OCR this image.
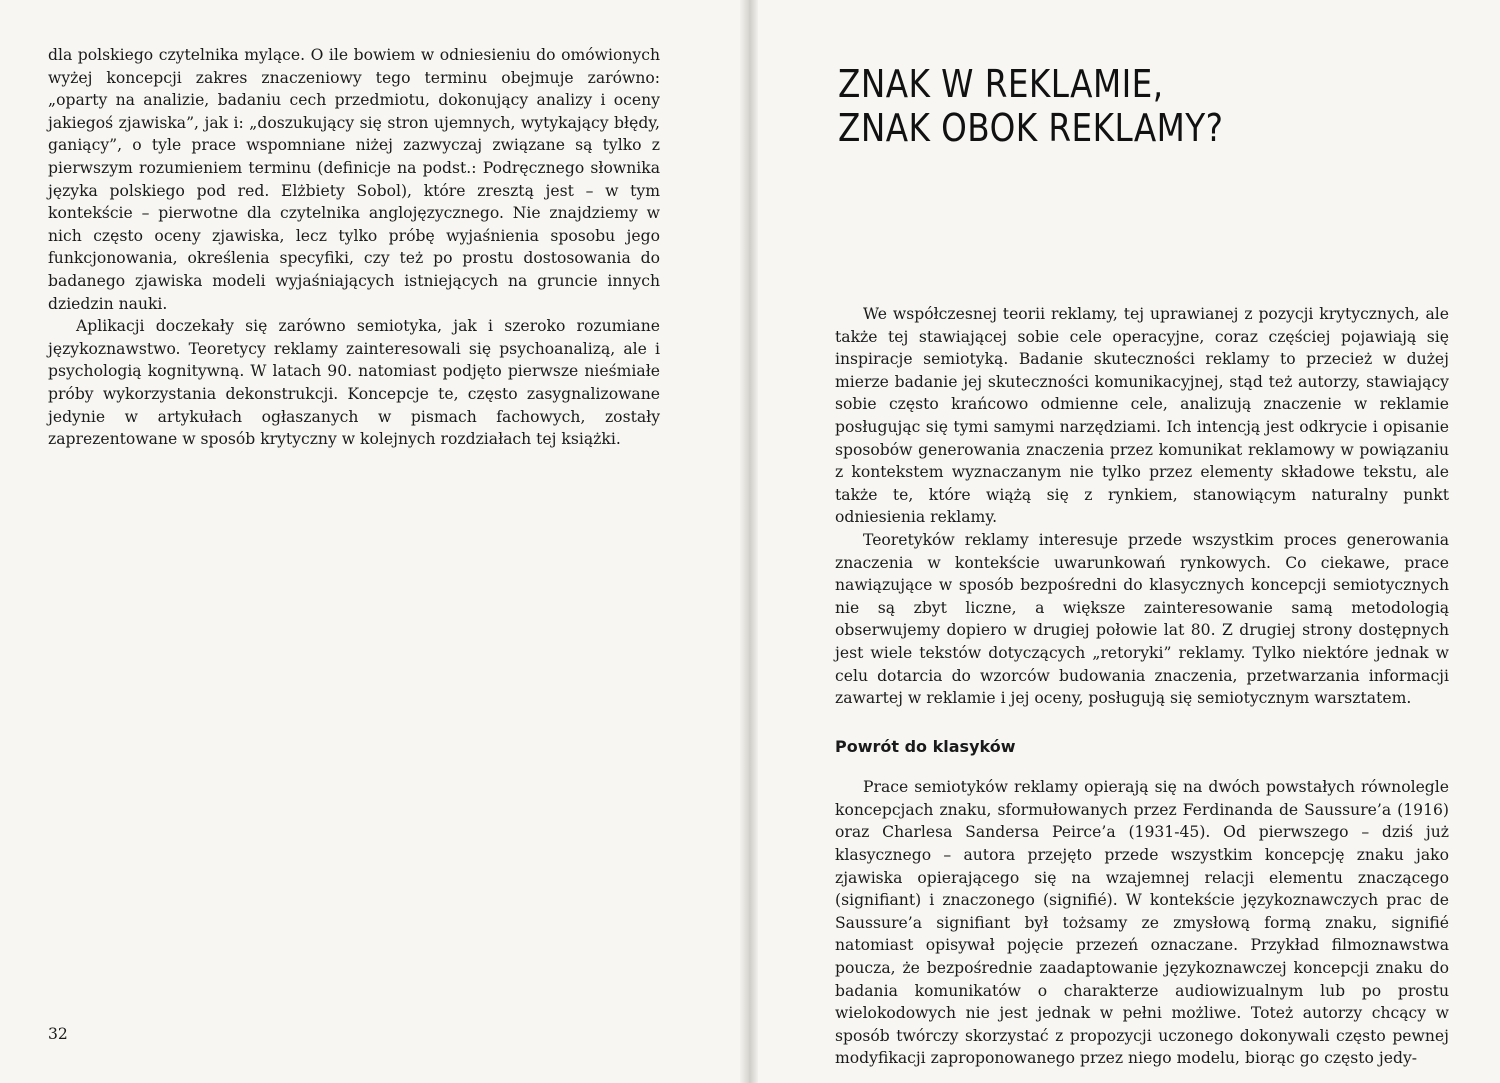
dla polskiego czytelnika mylące. O ile bowiem w odniesieniu do omówionych wyżej koncepcji zakres znaczeniowy tego terminu obejmuje zarówno: „oparty na analizie, badaniu cech przedmiotu, dokonujący analizy i oceny jakiegoś zjawiska”, jak i: „doszukujący się stron ujemnych, wytykający błędy, ganiący”, o tyle prace wspomniane niżej zazwyczaj związane są tylko z pierwszym rozumieniem terminu (definicje na podst.: Podręcznego słownika języka polskiego pod red. Elżbiety Sobol), które zresztą jest – w tym kontekście – pierwotne dla czytelnika anglojęzycznego. Nie znajdziemy w nich często oceny zjawiska, lecz tylko próbę wyjaśnienia sposobu jego funkcjonowania, określenia specyfiki, czy też po prostu dostosowania do badanego zjawiska modeli wyjaśniających istniejących na gruncie innych dziedzin nauki.

Aplikacji doczekały się zarówno semiotyka, jak i szeroko rozumiane językoznawstwo. Teoretycy reklamy zainteresowali się psychoanalizą, ale i psychologią kognitywną. W latach 90. natomiast podjęto pierwsze nieśmiałe próby wykorzystania dekonstrukcji. Koncepcje te, często zasygnalizowane jedynie w artykułach ogłaszanych w pismach fachowych, zostały zaprezentowane w sposób krytyczny w kolejnych rozdziałach tej książki.

32
ZNAK W REKLAMIE,
ZNAK OBOK REKLAMY?

We współczesnej teorii reklamy, tej uprawianej z pozycji krytycznych, ale także tej stawiającej sobie cele operacyjne, coraz częściej pojawiają się inspiracje semiotyką. Badanie skuteczności reklamy to przecież w dużej mierze badanie jej skuteczności komunikacyjnej, stąd też autorzy, stawiający sobie często krańcowo odmienne cele, analizują znaczenie w reklamie posługując się tymi samymi narzędziami. Ich intencją jest odkrycie i opisanie sposobów generowania znaczenia przez komunikat reklamowy w powiązaniu z kontekstem wyznaczanym nie tylko przez elementy składowe tekstu, ale także te, które wiążą się z rynkiem, stanowiącym naturalny punkt odniesienia reklamy.

Teoretyków reklamy interesuje przede wszystkim proces generowania znaczenia w kontekście uwarunkowań rynkowych. Co ciekawe, prace nawiązujące w sposób bezpośredni do klasycznych koncepcji semiotycznych nie są zbyt liczne, a większe zainteresowanie samą metodologią obserwujemy dopiero w drugiej połowie lat 80. Z drugiej strony dostępnych jest wiele tekstów dotyczących „retoryki” reklamy. Tylko niektóre jednak w celu dotarcia do wzorców budowania znaczenia, przetwarzania informacji zawartej w reklamie i jej oceny, posługują się semiotycznym warsztatem.

Powrót do klasyków

Prace semiotyków reklamy opierają się na dwóch powstałych równolegle koncepcjach znaku, sformułowanych przez Ferdinanda de Saussure’a (1916) oraz Charlesa Sandersa Peirce’a (1931-45). Od pierwszego – dziś już klasycznego – autora przejęto przede wszystkim koncepcję znaku jako zjawiska opierającego się na wzajemnej relacji elementu znaczącego (signifiant) i znaczonego (signifié). W kontekście językoznawczych prac de Saussure’a signifiant był tożsamy ze zmysłową formą znaku, signifié natomiast opisywał pojęcie przezeń oznaczane. Przykład filmoznawstwa poucza, że bezpośrednie zaadaptowanie językoznawczej koncepcji znaku do badania komunikatów o charakterze audiowizualnym lub po prostu wielokodowych nie jest jednak w pełni możliwe. Toteż autorzy chcący w sposób twórczy skorzystać z propozycji uczonego dokonywali często pewnej modyfikacji zaproponowanego przez niego modelu, biorąc go często jedy-
